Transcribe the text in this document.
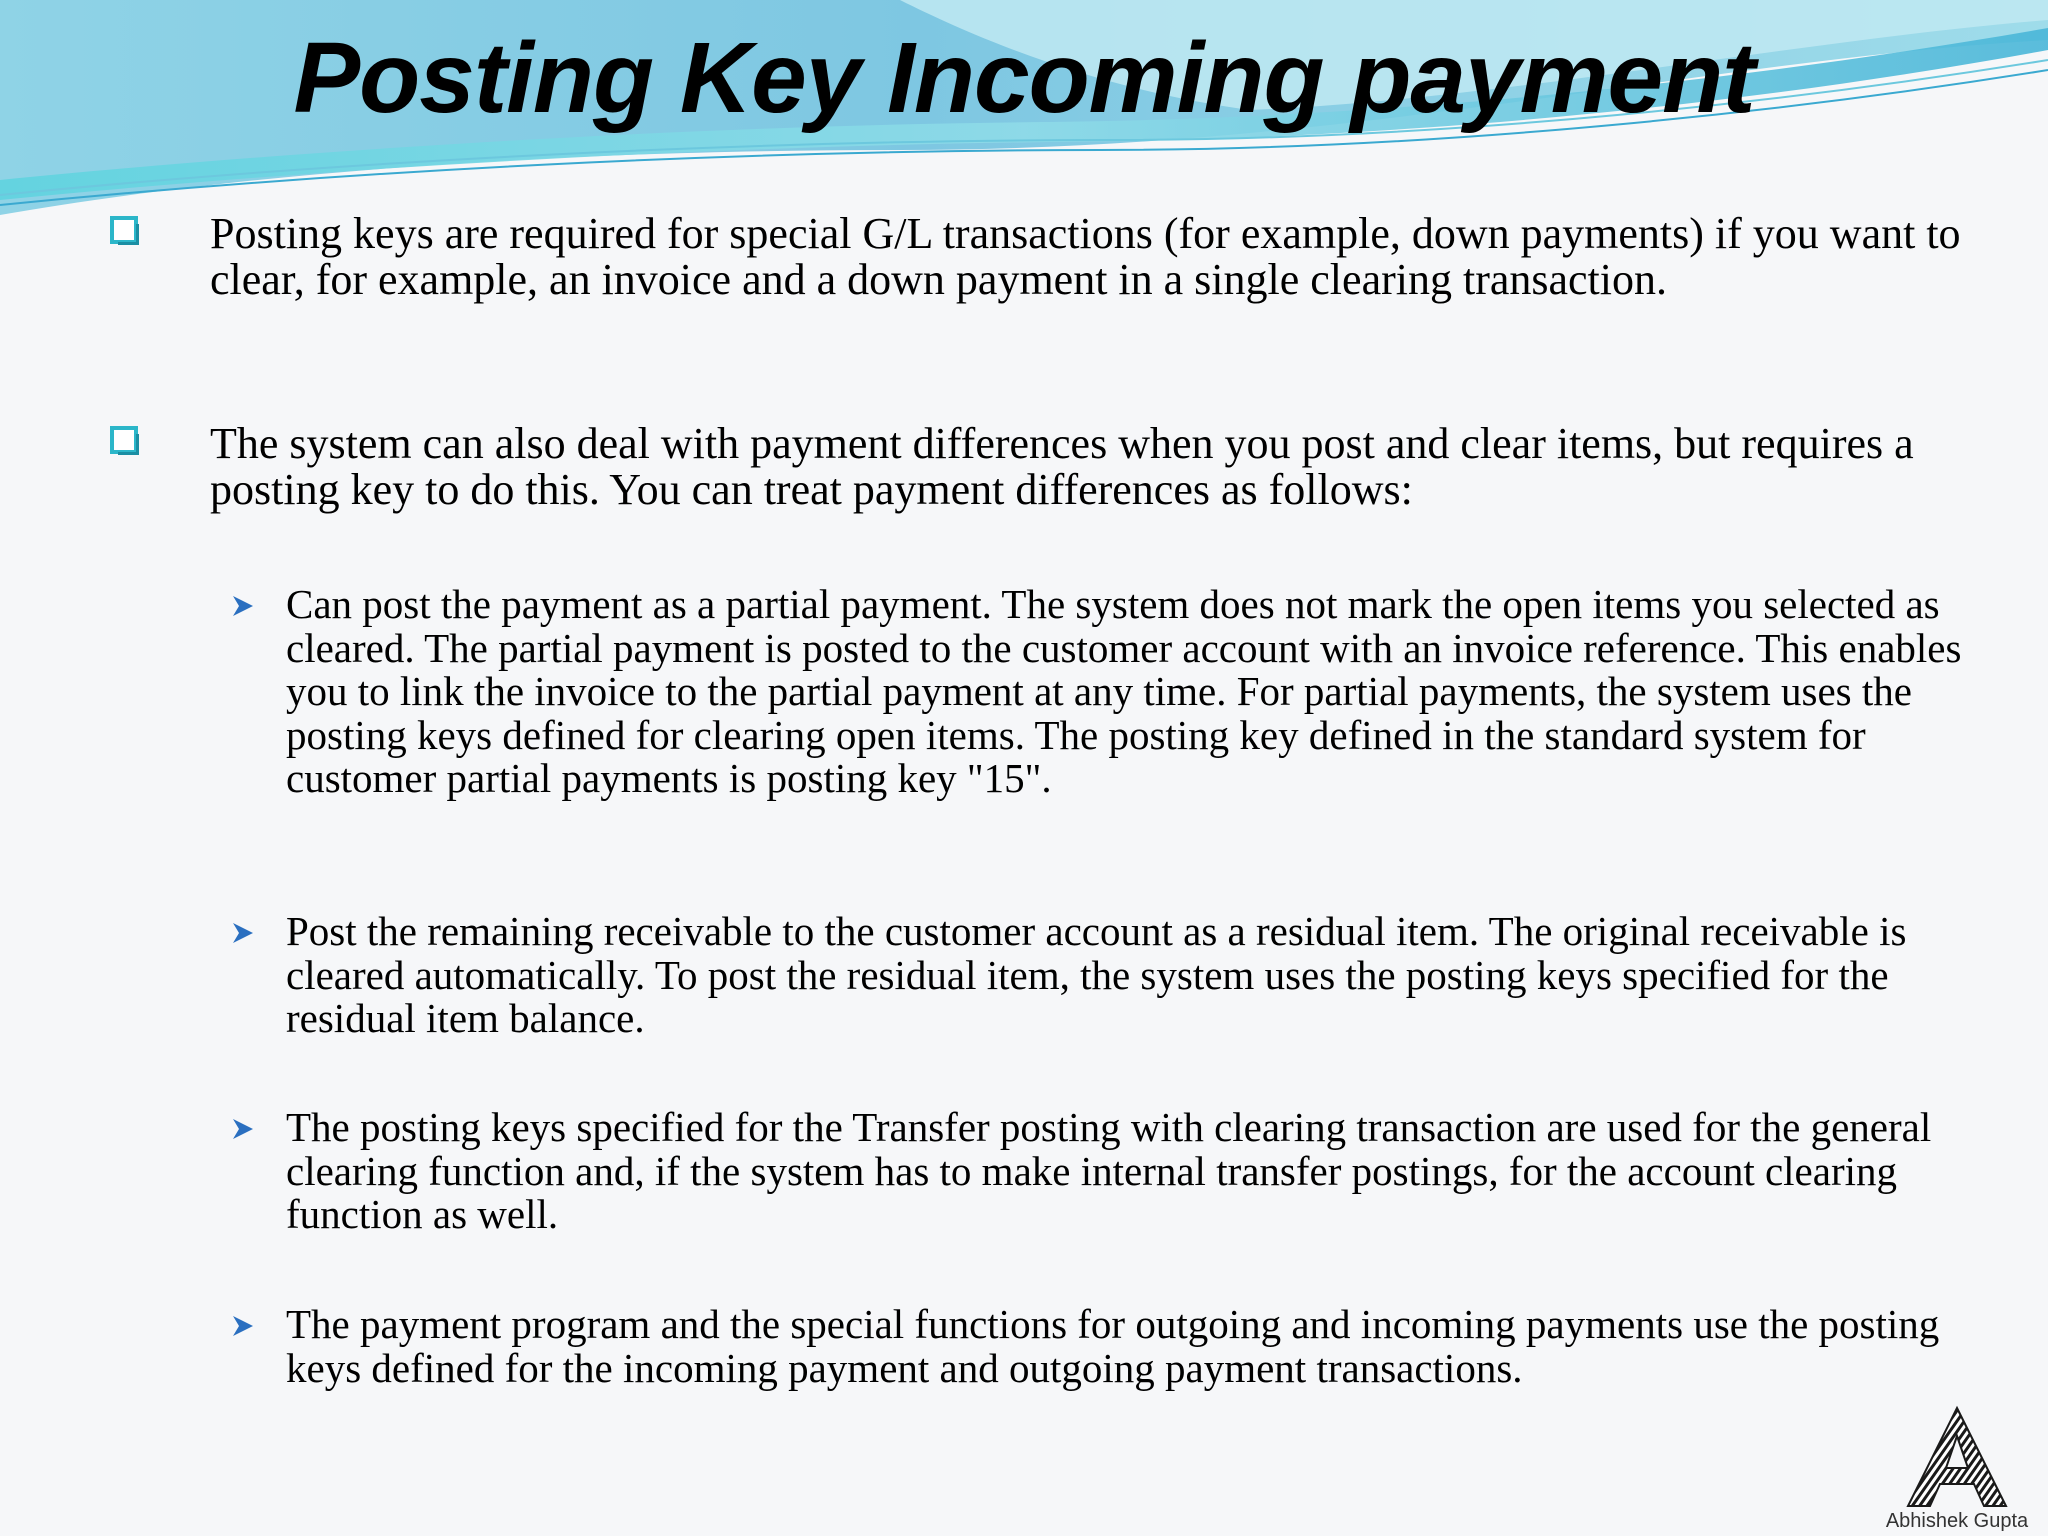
Posting Key Incoming payment
Posting keys are required for special G/L transactions (for example, down payments) if you want to clear, for example, an invoice and a down payment in a single clearing transaction.
The system can also deal with payment differences when you post and clear items, but requires a posting key to do this. You can treat payment differences as follows:
Can post the payment as a partial payment. The system does not mark the open items you selected as cleared. The partial payment is posted to the customer account with an invoice reference. This enables you to link the invoice to the partial payment at any time. For partial payments, the system uses the posting keys defined for clearing open items. The posting key defined in the standard system for customer partial payments is posting key "15".
Post the remaining receivable to the customer account as a residual item. The original receivable is cleared automatically. To post the residual item, the system uses the posting keys specified for the residual item balance.
The posting keys specified for the Transfer posting with clearing transaction are used for the general clearing function and, if the system has to make internal transfer postings, for the account clearing function as well.
The payment program and the special functions for outgoing and incoming payments use the posting keys defined for the incoming payment and outgoing payment transactions.
Abhishek Gupta
